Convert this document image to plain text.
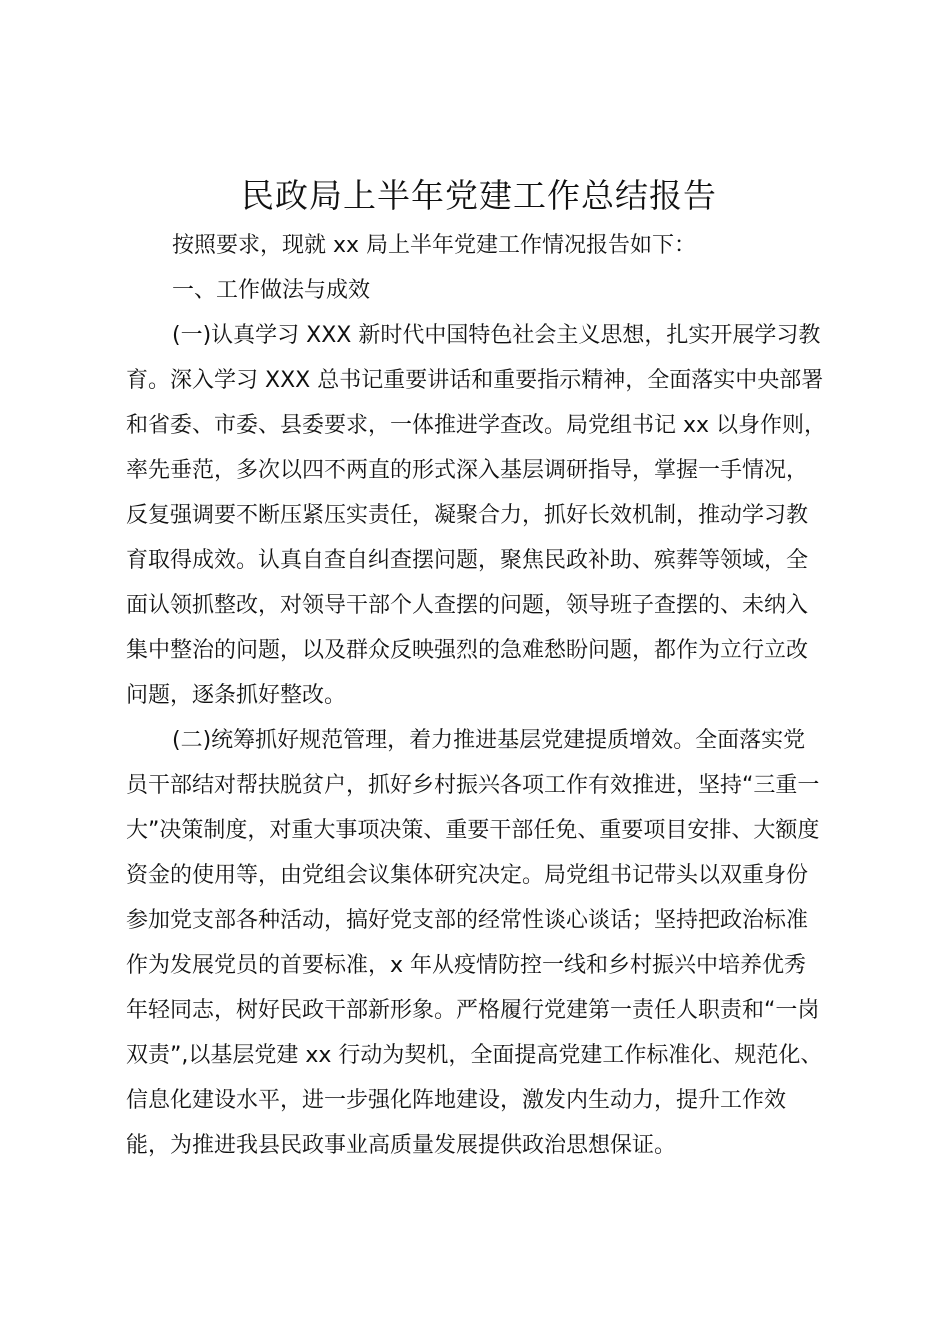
民政局上半年党建工作总结报告

按照要求，现就 xx 局上半年党建工作情况报告如下：

一、工作做法与成效

(一)认真学习 XXX 新时代中国特色社会主义思想，扎实开展学习教

育。深入学习 XXX 总书记重要讲话和重要指示精神，全面落实中央部署

和省委、市委、县委要求，一体推进学查改。局党组书记 xx 以身作则，

率先垂范，多次以四不两直的形式深入基层调研指导，掌握一手情况，

反复强调要不断压紧压实责任，凝聚合力，抓好长效机制，推动学习教

育取得成效。认真自查自纠查摆问题，聚焦民政补助、殡葬等领域，全

面认领抓整改，对领导干部个人查摆的问题，领导班子查摆的、未纳入

集中整治的问题，以及群众反映强烈的急难愁盼问题，都作为立行立改

问题，逐条抓好整改。

(二)统筹抓好规范管理，着力推进基层党建提质增效。全面落实党

员干部结对帮扶脱贫户，抓好乡村振兴各项工作有效推进，坚持“三重一

大”决策制度，对重大事项决策、重要干部任免、重要项目安排、大额度

资金的使用等，由党组会议集体研究决定。局党组书记带头以双重身份

参加党支部各种活动，搞好党支部的经常性谈心谈话；坚持把政治标准

作为发展党员的首要标准，x 年从疫情防控一线和乡村振兴中培养优秀

年轻同志，树好民政干部新形象。严格履行党建第一责任人职责和“一岗

双责”,以基层党建 xx 行动为契机，全面提高党建工作标准化、规范化、

信息化建设水平，进一步强化阵地建设，激发内生动力，提升工作效

能，为推进我县民政事业高质量发展提供政治思想保证。
